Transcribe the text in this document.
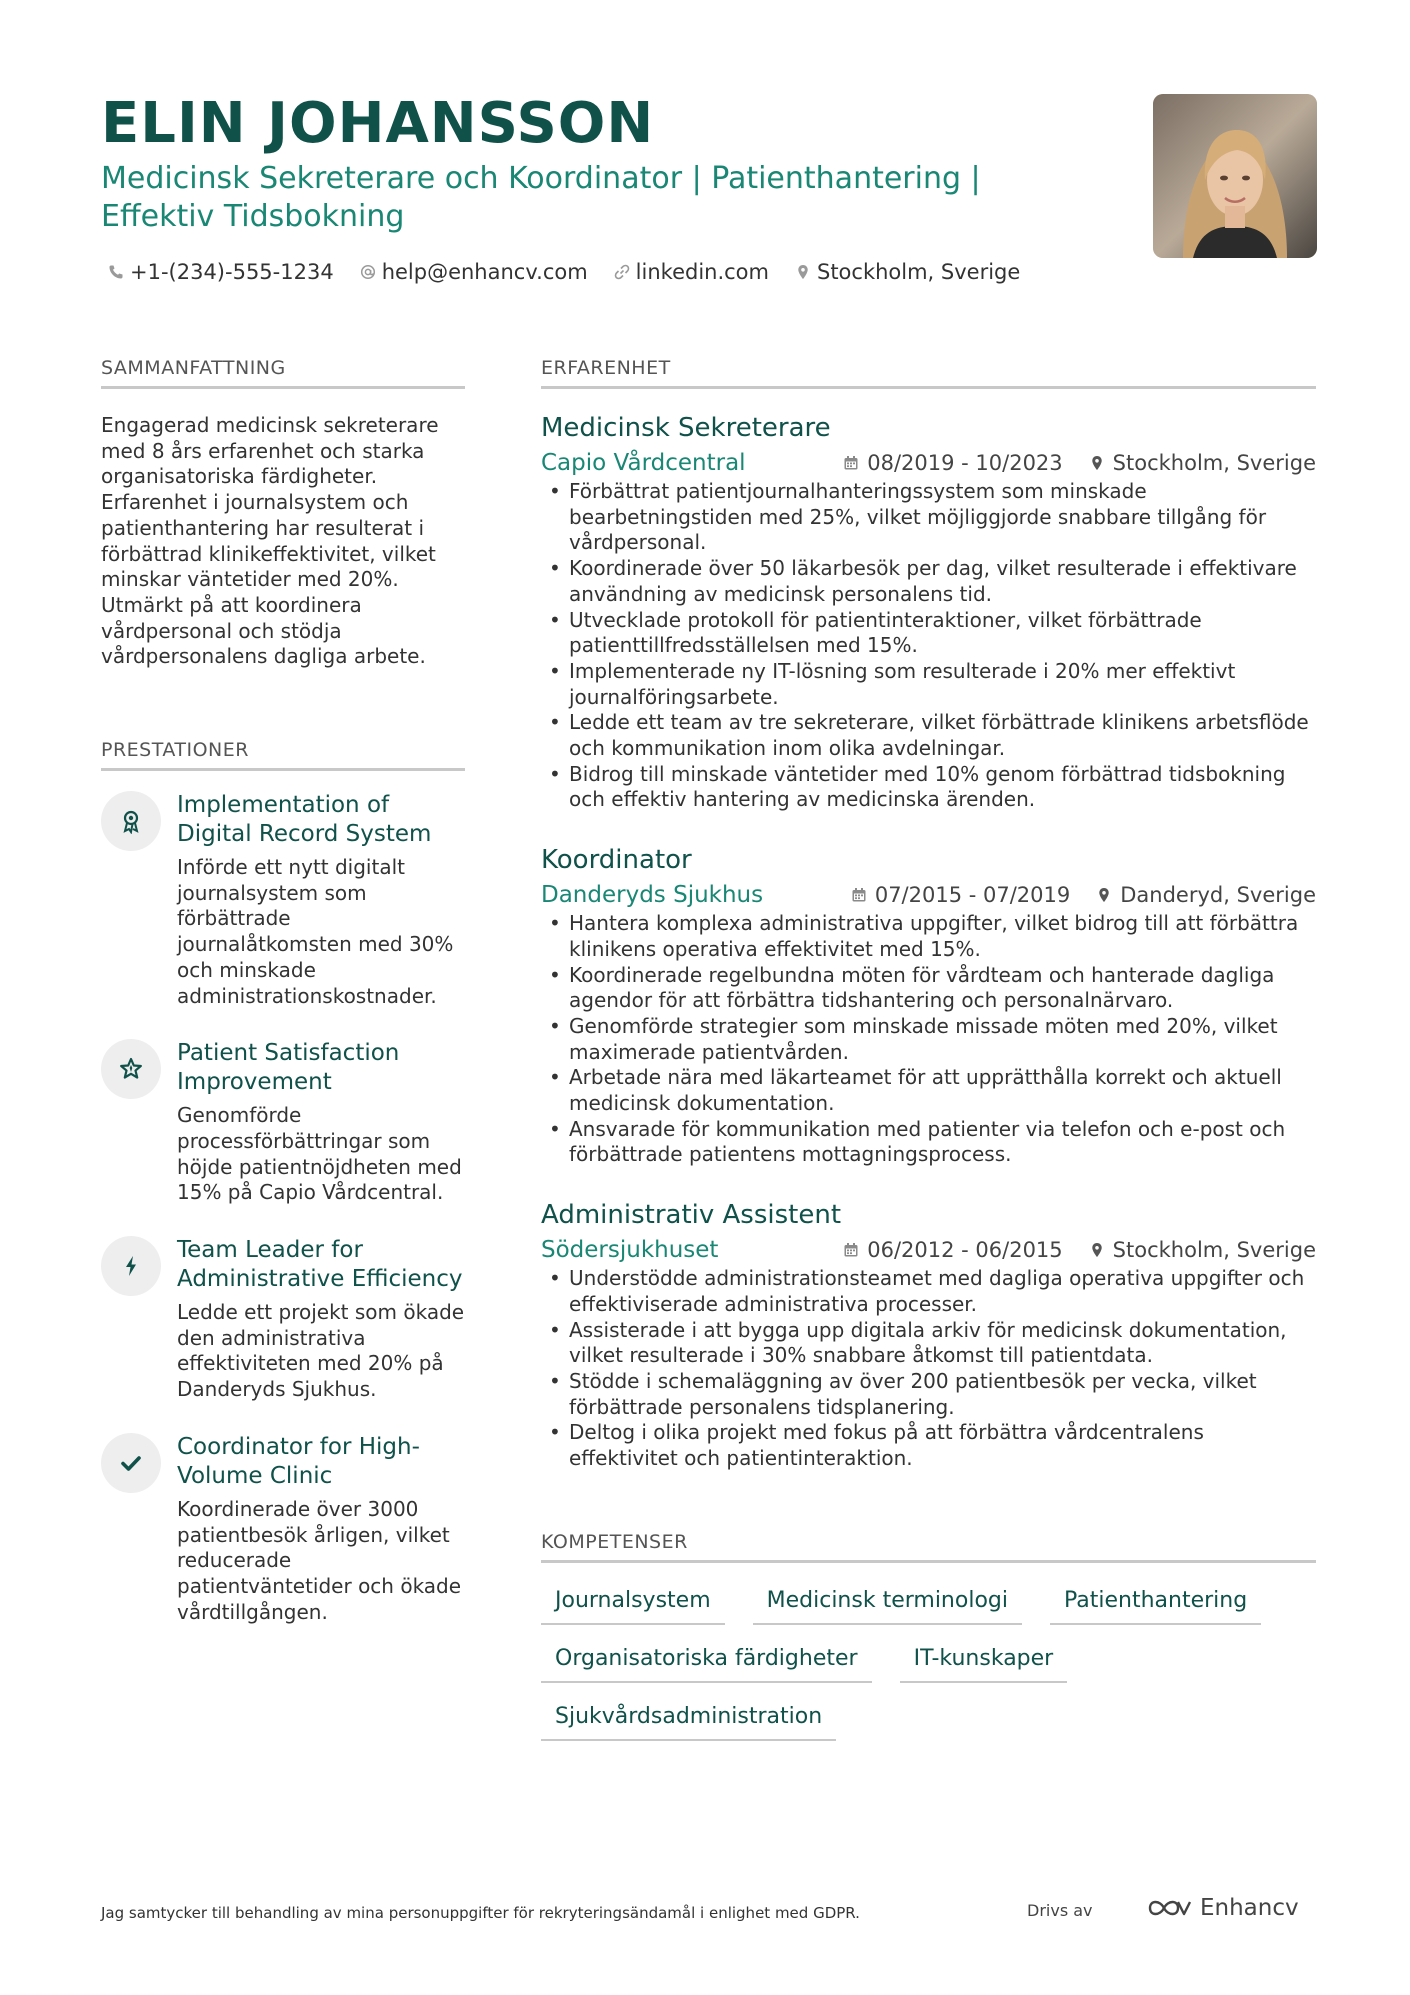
ELIN JOHANSSON
Medicinsk Sekreterare och Koordinator | Patienthantering | Effektiv Tidsbokning
+1-(234)-555-1234 help@enhancv.com linkedin.com Stockholm, Sverige
SAMMANFATTNING

Engagerad medicinsk sekreterare med 8 års erfarenhet och starka organisatoriska färdigheter. Erfarenhet i journalsystem och patienthantering har resulterat i förbättrad klinikeffektivitet, vilket minskar väntetider med 20%. Utmärkt på att koordinera vårdpersonal och stödja vårdpersonalens dagliga arbete.

PRESTATIONER
Implementation of Digital Record System
Införde ett nytt digitalt journalsystem som förbättrade journalåtkomsten med 30% och minskade administrationskostnader.
Patient Satisfaction Improvement
Genomförde processförbättringar som höjde patientnöjdheten med 15% på Capio Vårdcentral.
Team Leader for Administrative Efficiency
Ledde ett projekt som ökade den administrativa effektiviteten med 20% på Danderyds Sjukhus.
Coordinator for High-Volume Clinic
Koordinerade över 3000 patientbesök årligen, vilket reducerade patientväntetider och ökade vårdtillgången.
ERFARENHET
Medicinsk Sekreterare
Capio Vårdcentral	08/2019 - 10/2023 Stockholm, Sverige
• Förbättrat patientjournalhanteringssystem som minskade bearbetningstiden med 25%, vilket möjliggjorde snabbare tillgång för vårdpersonal.
• Koordinerade över 50 läkarbesök per dag, vilket resulterade i effektivare användning av medicinsk personalens tid.
• Utvecklade protokoll för patientinteraktioner, vilket förbättrade patienttillfredsställelsen med 15%.
• Implementerade ny IT-lösning som resulterade i 20% mer effektivt journalföringsarbete.
• Ledde ett team av tre sekreterare, vilket förbättrade klinikens arbetsflöde och kommunikation inom olika avdelningar.
• Bidrog till minskade väntetider med 10% genom förbättrad tidsbokning och effektiv hantering av medicinska ärenden.
Koordinator
Danderyds Sjukhus	07/2015 - 07/2019 Danderyd, Sverige
• Hantera komplexa administrativa uppgifter, vilket bidrog till att förbättra klinikens operativa effektivitet med 15%.
• Koordinerade regelbundna möten för vårdteam och hanterade dagliga agendor för att förbättra tidshantering och personalnärvaro.
• Genomförde strategier som minskade missade möten med 20%, vilket maximerade patientvården.
• Arbetade nära med läkarteamet för att upprätthålla korrekt och aktuell medicinsk dokumentation.
• Ansvarade för kommunikation med patienter via telefon och e-post och förbättrade patientens mottagningsprocess.
Administrativ Assistent
Södersjukhuset	06/2012 - 06/2015 Stockholm, Sverige
• Understödde administrationsteamet med dagliga operativa uppgifter och effektiviserade administrativa processer.
• Assisterade i att bygga upp digitala arkiv för medicinsk dokumentation, vilket resulterade i 30% snabbare åtkomst till patientdata.
• Stödde i schemaläggning av över 200 patientbesök per vecka, vilket förbättrade personalens tidsplanering.
• Deltog i olika projekt med fokus på att förbättra vårdcentralens effektivitet och patientinteraktion.
KOMPETENSER
Journalsystem	Medicinsk terminologi	Patienthantering
Organisatoriska färdigheter	IT-kunskaper
Sjukvårdsadministration
Jag samtycker till behandling av mina personuppgifter för rekryteringsändamål i enlighet med GDPR.	Drivs av	Enhancv
